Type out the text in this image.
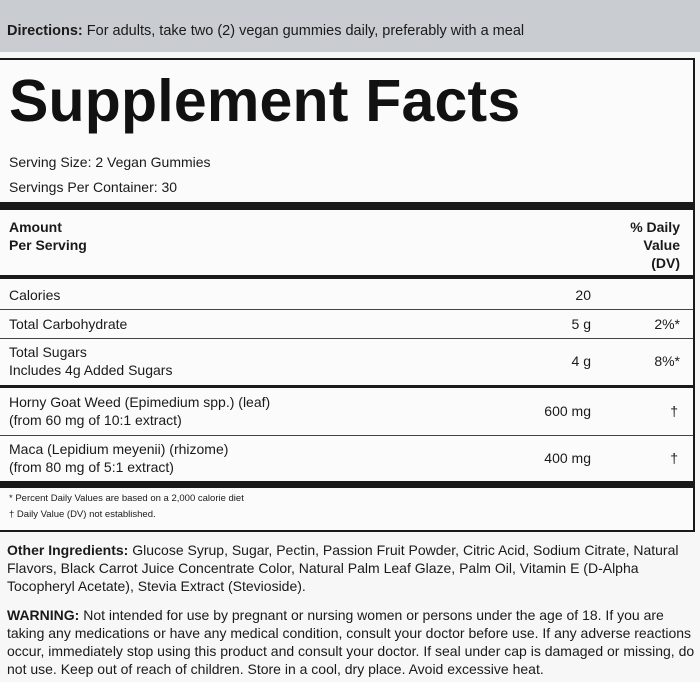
Directions: For adults, take two (2) vegan gummies daily, preferably with a meal
Supplement Facts
Serving Size: 2 Vegan Gummies
Servings Per Container: 30
Amount
Per Serving
% Daily
Value
(DV)
Calories	20
Total Carbohydrate	5 g	2%*
Total Sugars
Includes 4g Added Sugars
4 g	8%*
Horny Goat Weed (Epimedium spp.) (leaf)
(from 60 mg of 10:1 extract)
600 mg	†
Maca (Lepidium meyenii) (rhizome)
(from 80 mg of 5:1 extract)
400 mg	†
* Percent Daily Values are based on a 2,000 calorie diet
† Daily Value (DV) not established.
Other Ingredients: Glucose Syrup, Sugar, Pectin, Passion Fruit Powder, Citric Acid, Sodium Citrate, Natural Flavors, Black Carrot Juice Concentrate Color, Natural Palm Leaf Glaze, Palm Oil, Vitamin E (D-Alpha Tocopheryl Acetate), Stevia Extract (Stevioside).
WARNING: Not intended for use by pregnant or nursing women or persons under the age of 18. If you are taking any medications or have any medical condition, consult your doctor before use. If any adverse reactions occur, immediately stop using this product and consult your doctor. If seal under cap is damaged or missing, do not use. Keep out of reach of children. Store in a cool, dry place. Avoid excessive heat.
